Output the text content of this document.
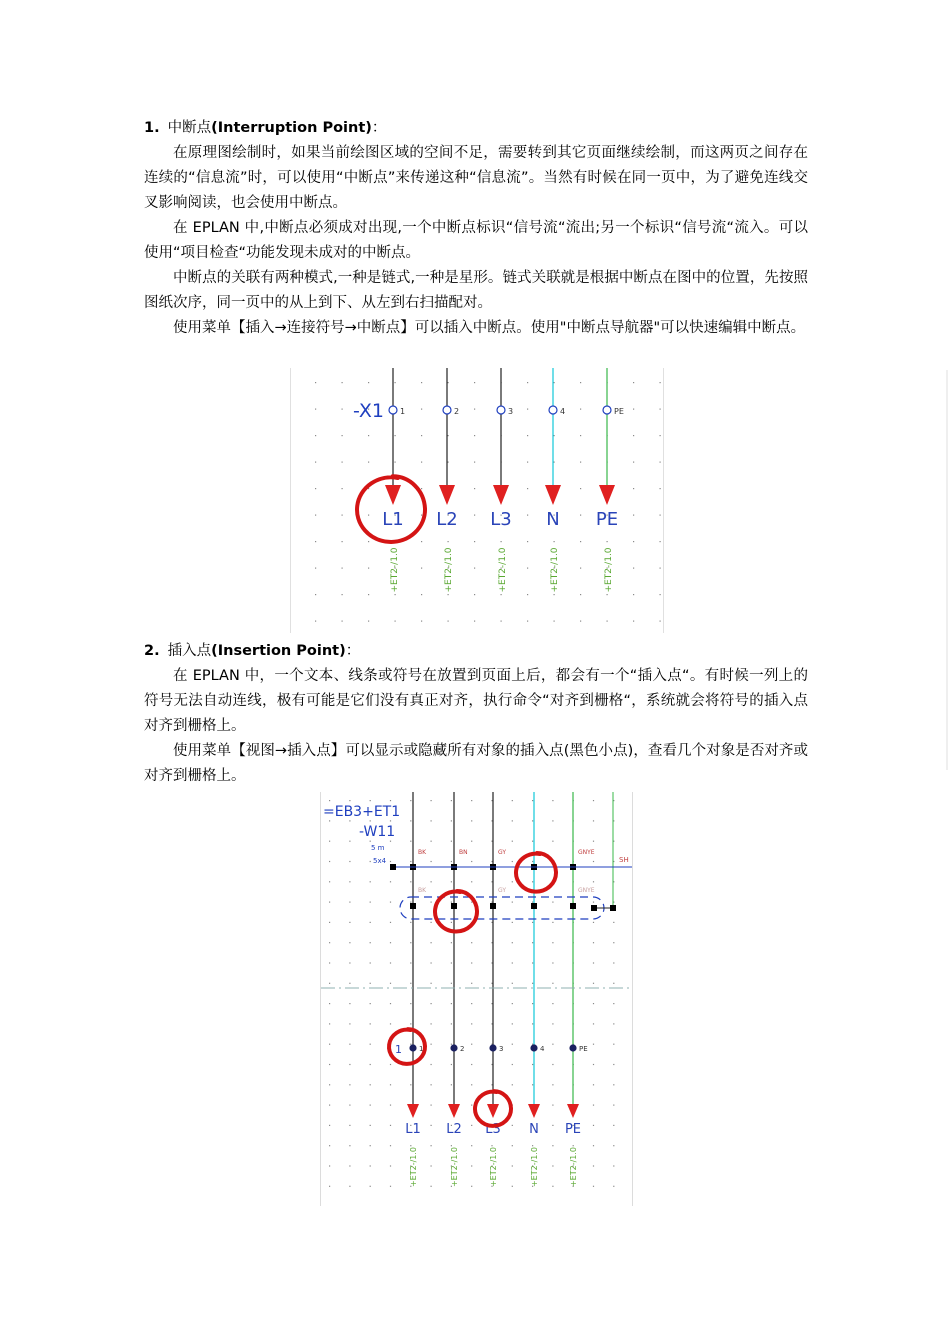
1. 中断点(Interruption Point)：

在原理图绘制时，如果当前绘图区域的空间不足，需要转到其它页面继续绘制，而这两页之间存在连续的“信息流”时，可以使用“中断点”来传递这种“信息流”。当然有时候在同一页中，为了避免连线交叉影响阅读，也会使用中断点。

在 EPLAN 中,中断点必须成对出现,一个中断点标识“信号流“流出;另一个标识“信号流“流入。可以使用“项目检查“功能发现未成对的中断点。

中断点的关联有两种模式,一种是链式,一种是星形。链式关联就是根据中断点在图中的位置，先按照图纸次序，同一页中的从上到下、从左到右扫描配对。

使用菜单【插入→连接符号→中断点】可以插入中断点。使用"中断点导航器"可以快速编辑中断点。

-X1 1	2	3	4	PE
L1 L2 L3 N PE
+ET2-/1.0	+ET2-/1.0	+ET2-/1.0	+ET2-/1.0	+ET2-/1.0
2. 插入点(Insertion Point)：

在 EPLAN 中，一个文本、线条或符号在放置到页面上后，都会有一个“插入点“。有时候一列上的符号无法自动连线，极有可能是它们没有真正对齐，执行命令“对齐到栅格“，系统就会将符号的插入点对齐到栅格上。

使用菜单【视图→插入点】可以显示或隐藏所有对象的插入点(黑色小点)，查看几个对象是否对齐或对齐到栅格上。

=EB3+ET1
-W11
5 m
5x4
BK
BK
BN	GY
GY
GNYE
GNYE
SH
1	2	3	4	PE
1
L1 L2 L3 N PE
+ET2-/1.0	+ET2-/1.0	+ET2-/1.0	+ET2-/1.0	+ET2-/1.0
